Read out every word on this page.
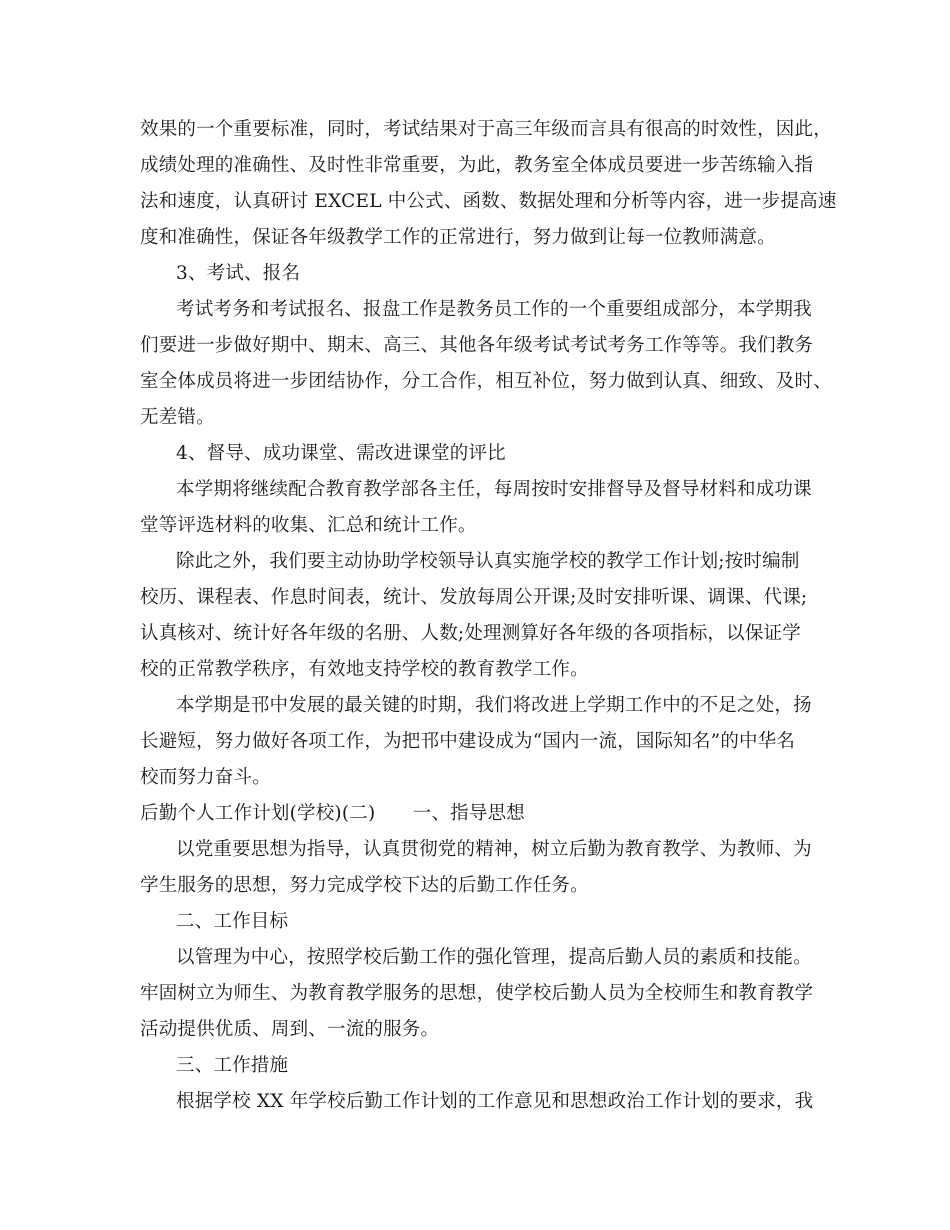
效果的一个重要标准，同时，考试结果对于高三年级而言具有很高的时效性，因此，
成绩处理的准确性、及时性非常重要，为此，教务室全体成员要进一步苦练输入指
法和速度，认真研讨 EXCEL 中公式、函数、数据处理和分析等内容，进一步提高速
度和准确性，保证各年级教学工作的正常进行，努力做到让每一位教师满意。
3、考试、报名
考试考务和考试报名、报盘工作是教务员工作的一个重要组成部分，本学期我
们要进一步做好期中、期末、高三、其他各年级考试考试考务工作等等。我们教务
室全体成员将进一步团结协作，分工合作，相互补位，努力做到认真、细致、及时、
无差错。
4、督导、成功课堂、需改进课堂的评比
本学期将继续配合教育教学部各主任，每周按时安排督导及督导材料和成功课
堂等评选材料的收集、汇总和统计工作。
除此之外，我们要主动协助学校领导认真实施学校的教学工作计划;按时编制
校历、课程表、作息时间表，统计、发放每周公开课;及时安排听课、调课、代课;
认真核对、统计好各年级的名册、人数;处理测算好各年级的各项指标，以保证学
校的正常教学秩序，有效地支持学校的教育教学工作。
本学期是邗中发展的最关键的时期，我们将改进上学期工作中的不足之处，扬
长避短，努力做好各项工作，为把邗中建设成为“国内一流，国际知名”的中华名
校而努力奋斗。
后勤个人工作计划(学校)(二)　　一、指导思想
以党重要思想为指导，认真贯彻党的精神，树立后勤为教育教学、为教师、为
学生服务的思想，努力完成学校下达的后勤工作任务。
二、工作目标
以管理为中心，按照学校后勤工作的强化管理，提高后勤人员的素质和技能。
牢固树立为师生、为教育教学服务的思想，使学校后勤人员为全校师生和教育教学
活动提供优质、周到、一流的服务。
三、工作措施
根据学校 XX 年学校后勤工作计划的工作意见和思想政治工作计划的要求，我
